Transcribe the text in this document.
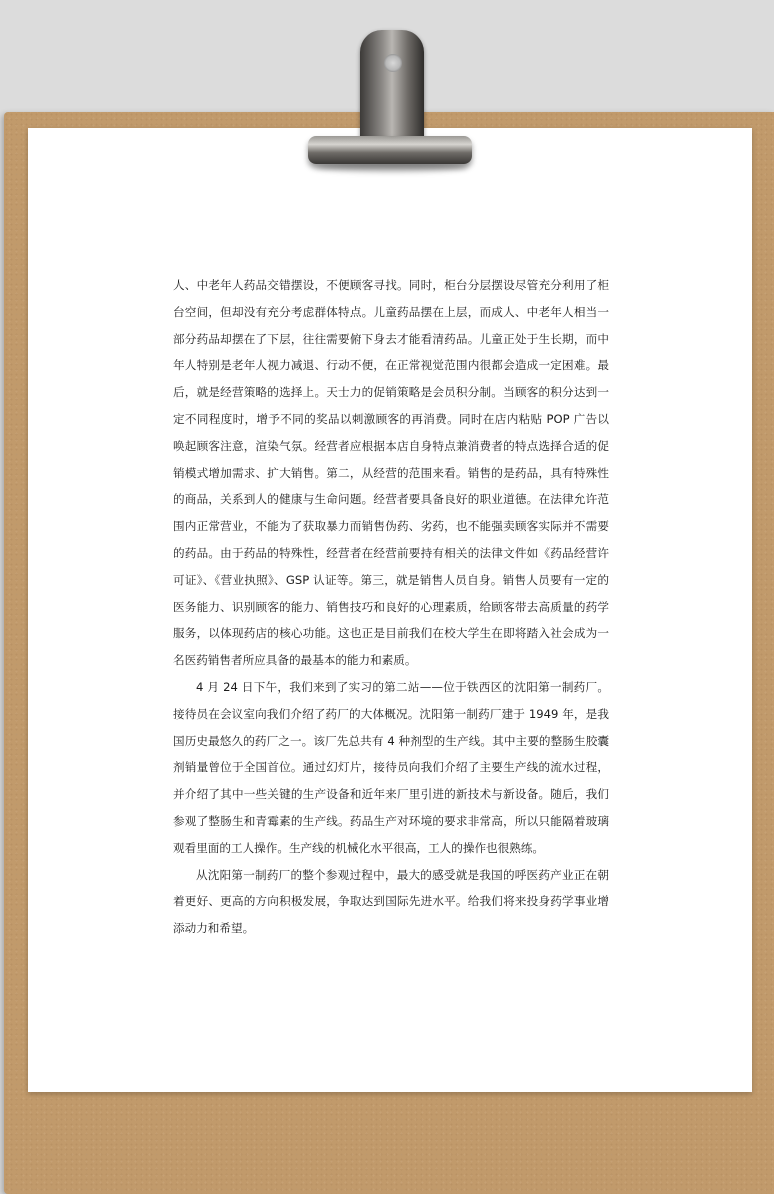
人、中老年人药品交错摆设，不便顾客寻找。同时，柜台分层摆设尽管充分利用了柜台空间，但却没有充分考虑群体特点。儿童药品摆在上层，而成人、中老年人相当一部分药品却摆在了下层，往往需要俯下身去才能看清药品。儿童正处于生长期，而中年人特别是老年人视力减退、行动不便，在正常视觉范围内很都会造成一定困难。最后，就是经营策略的选择上。天士力的促销策略是会员积分制。当顾客的积分达到一定不同程度时，增予不同的奖品以刺激顾客的再消费。同时在店内粘贴 POP 广告以唤起顾客注意，渲染气氛。经营者应根据本店自身特点兼消费者的特点选择合适的促销模式增加需求、扩大销售。第二，从经营的范围来看。销售的是药品，具有特殊性的商品，关系到人的健康与生命问题。经营者要具备良好的职业道德。在法律允许范围内正常营业，不能为了获取暴力而销售伪药、劣药，也不能强卖顾客实际并不需要的药品。由于药品的特殊性，经营者在经营前要持有相关的法律文件如《药品经营许可证》、《营业执照》、GSP 认证等。第三，就是销售人员自身。销售人员要有一定的医务能力、识别顾客的能力、销售技巧和良好的心理素质，给顾客带去高质量的药学服务，以体现药店的核心功能。这也正是目前我们在校大学生在即将踏入社会成为一名医药销售者所应具备的最基本的能力和素质。

4 月 24 日下午，我们来到了实习的第二站——位于铁西区的沈阳第一制药厂。接待员在会议室向我们介绍了药厂的大体概况。沈阳第一制药厂建于 1949 年，是我国历史最悠久的药厂之一。该厂先总共有 4 种剂型的生产线。其中主要的整肠生胶囊剂销量曾位于全国首位。通过幻灯片，接待员向我们介绍了主要生产线的流水过程，并介绍了其中一些关键的生产设备和近年来厂里引进的新技术与新设备。随后，我们参观了整肠生和青霉素的生产线。药品生产对环境的要求非常高，所以只能隔着玻璃观看里面的工人操作。生产线的机械化水平很高，工人的操作也很熟练。

从沈阳第一制药厂的整个参观过程中，最大的感受就是我国的呼医药产业正在朝着更好、更高的方向积极发展，争取达到国际先进水平。给我们将来投身药学事业增添动力和希望。
